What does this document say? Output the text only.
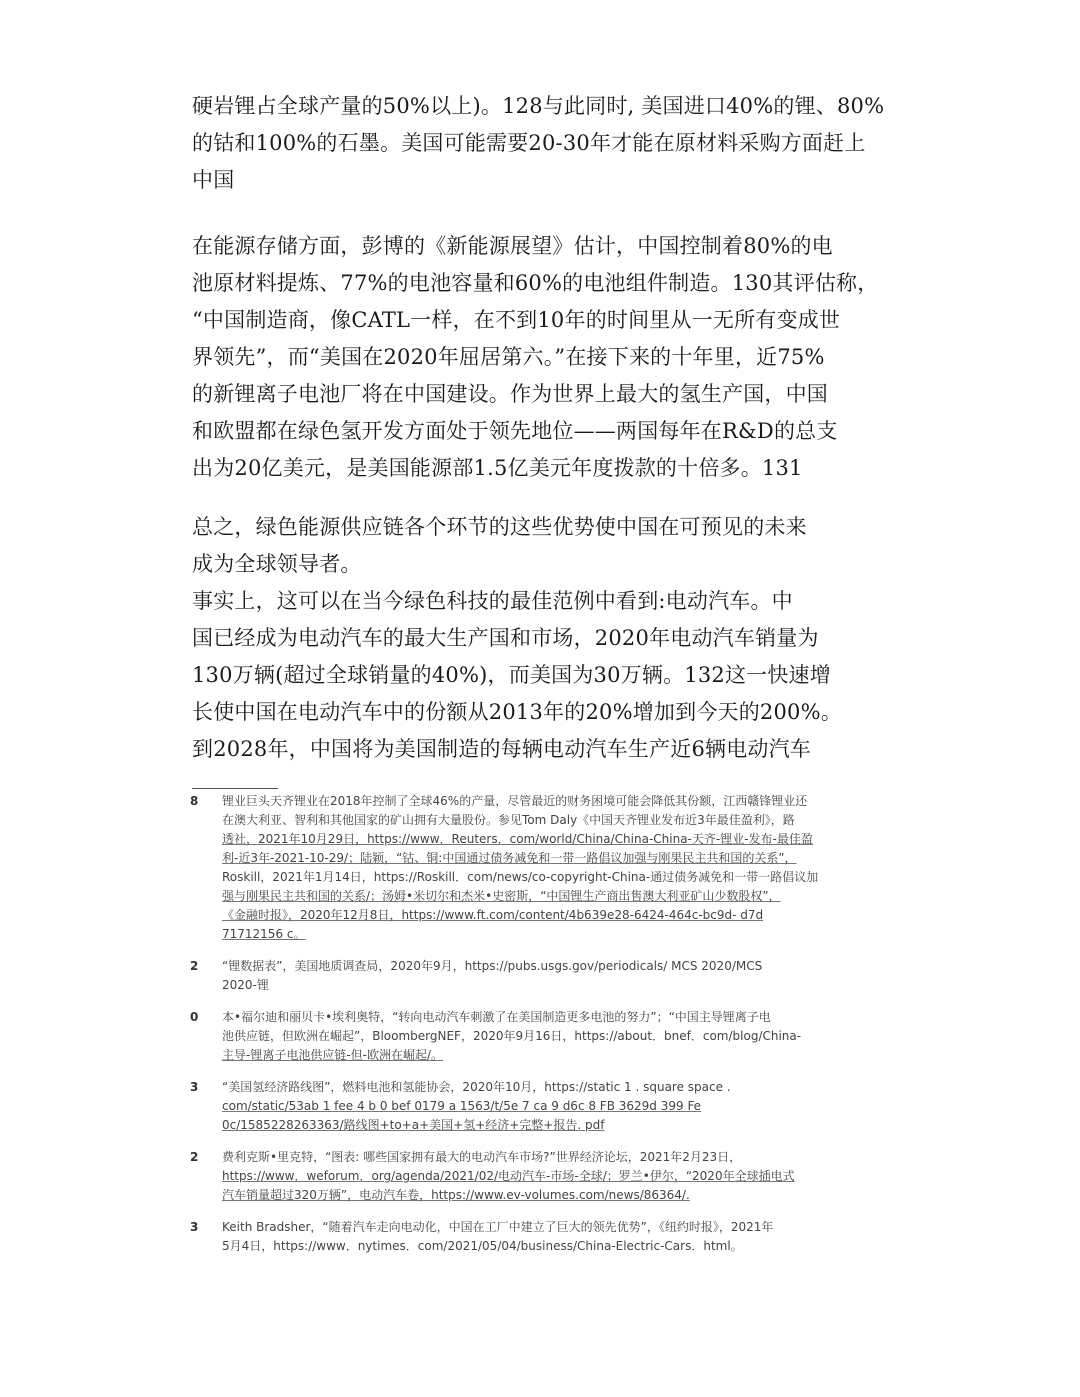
硬岩锂占全球产量的50%以上)。128与此同时, 美国进口40%的锂、80%
的钴和100%的石墨。美国可能需要20-30年才能在原材料采购方面赶上
中国
在能源存储方面，彭博的《新能源展望》估计，中国控制着80%的电
池原材料提炼、77%的电池容量和60%的电池组件制造。130其评估称，
“中国制造商，像CATL一样，在不到10年的时间里从一无所有变成世
界领先”，而“美国在2020年屈居第六。”在接下来的十年里，近75%
的新锂离子电池厂将在中国建设。作为世界上最大的氢生产国，中国
和欧盟都在绿色氢开发方面处于领先地位——两国每年在R&D的总支
出为20亿美元，是美国能源部1.5亿美元年度拨款的十倍多。131
总之，绿色能源供应链各个环节的这些优势使中国在可预见的未来
成为全球领导者。
事实上，这可以在当今绿色科技的最佳范例中看到:电动汽车。中
国已经成为电动汽车的最大生产国和市场，2020年电动汽车销量为
130万辆(超过全球销量的40%)，而美国为30万辆。132这一快速增
长使中国在电动汽车中的份额从2013年的20%增加到今天的200%。
到2028年，中国将为美国制造的每辆电动汽车生产近6辆电动汽车
8 锂业巨头天齐锂业在2018年控制了全球46%的产量，尽管最近的财务困境可能会降低其份额，江西赣锋锂业还
在澳大利亚、智利和其他国家的矿山拥有大量股份。参见Tom Daly《中国天齐锂业发布近3年最佳盈利》，路
透社，2021年10月29日，https://www．Reuters．com/world/China/China-China-天齐-锂业-发布-最佳盈
利-近3年-2021-10-29/；陆颖，“钴、铜:中国通过债务减免和一带一路倡议加强与刚果民主共和国的关系”，
Roskill，2021年1月14日，https://Roskill．com/news/co-copyright-China-通过债务减免和一带一路倡议加
强与刚果民主共和国的关系/；汤姆•米切尔和杰米•史密斯，“中国锂生产商出售澳大利亚矿山少数股权”，
《金融时报》，2020年12月8日，https://www.ft.com/content/4b639e28-6424-464c-bc9d- d7d
71712156 c。
2 “锂数据表”，美国地质调查局，2020年9月，https://pubs.usgs.gov/periodicals/ MCS 2020/MCS
2020-锂
0 本•福尔迪和丽贝卡•埃利奥特，“转向电动汽车刺激了在美国制造更多电池的努力”；“中国主导锂离子电
池供应链，但欧洲在崛起”，BloombergNEF，2020年9月16日，https://about．bnef．com/blog/China-
主导-锂离子电池供应链-但-欧洲在崛起/。
3 “美国氢经济路线图”，燃料电池和氢能协会，2020年10月，https://static 1 . square space .
com/static/53ab 1 fee 4 b 0 bef 0179 a 1563/t/5e 7 ca 9 d6c 8 FB 3629d 399 Fe
0c/1585228263363/路线图+to+a+美国+氢+经济+完整+报告. pdf
2 费利克斯•里克特，“图表: 哪些国家拥有最大的电动汽车市场?”世界经济论坛，2021年2月23日，
https://www．weforum．org/agenda/2021/02/电动汽车-市场-全球/；罗兰•伊尔，“2020年全球插电式
汽车销量超过320万辆”，电动汽车卷，https://www.ev-volumes.com/news/86364/.
3 Keith Bradsher，“随着汽车走向电动化，中国在工厂中建立了巨大的领先优势”，《纽约时报》，2021年
5月4日，https://www．nytimes．com/2021/05/04/business/China-Electric-Cars．html。
